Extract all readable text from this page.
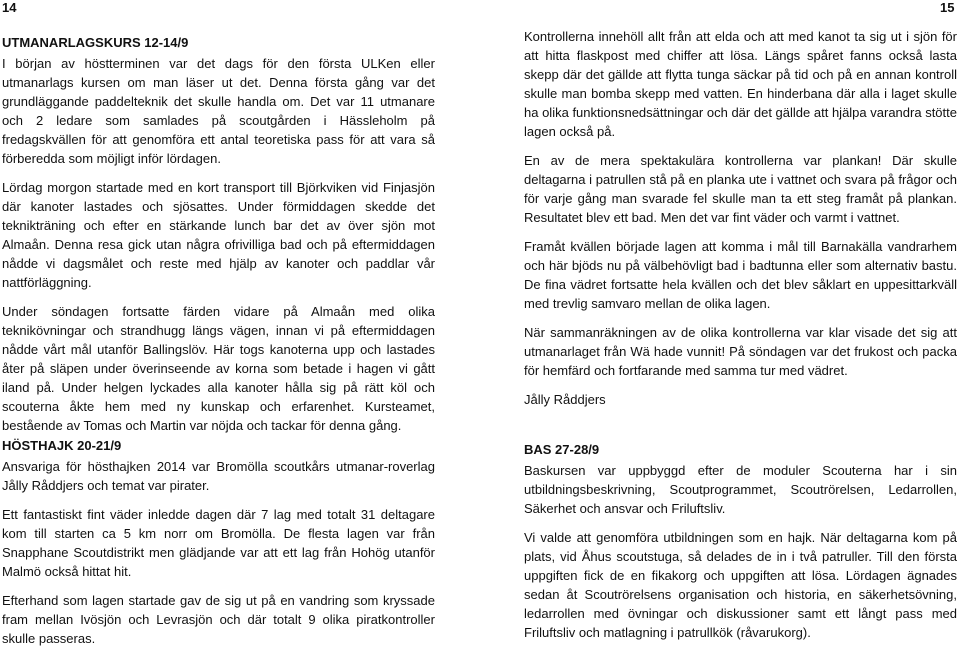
14	15
UTMANARLAGSKURS 12-14/9

I början av höstterminen var det dags för den första ULKen eller utmanarlags kursen om man läser ut det. Denna första gång var det grundläggande paddelteknik det skulle handla om. Det var 11 utmanare och 2 ledare som samlades på scoutgården i Hässleholm på fredagskvällen för att genomföra ett antal teoretiska pass för att vara så förberedda som möjligt inför lördagen.

Lördag morgon startade med en kort transport till Björkviken vid Finjasjön där kanoter lastades och sjösattes. Under förmiddagen skedde det teknikträning och efter en stärkande lunch bar det av över sjön mot Almaån. Denna resa gick utan några ofrivilliga bad och på eftermiddagen nådde vi dagsmålet och reste med hjälp av kanoter och paddlar vår nattförläggning.

Under söndagen fortsatte färden vidare på Almaån med olika teknikövningar och strandhugg längs vägen, innan vi på eftermiddagen nådde vårt mål utanför Ballingslöv. Här togs kanoterna upp och lastades åter på släpen under överinseende av korna som betade i hagen vi gått iland på. Under helgen lyckades alla kanoter hålla sig på rätt köl och scouterna åkte hem med ny kunskap och erfarenhet. Kursteamet, bestående av Tomas och Martin var nöjda och tackar för denna gång.

Kontrollerna innehöll allt från att elda och att med kanot ta sig ut i sjön för att hitta flaskpost med chiffer att lösa. Längs spåret fanns också lasta skepp där det gällde att flytta tunga säckar på tid och på en annan kontroll skulle man bomba skepp med vatten. En hinderbana där alla i laget skulle ha olika funktionsnedsättningar och där det gällde att hjälpa varandra stötte lagen också på.

En av de mera spektakulära kontrollerna var plankan! Där skulle deltagarna i patrullen stå på en planka ute i vattnet och svara på frågor och för varje gång man svarade fel skulle man ta ett steg framåt på plankan. Resultatet blev ett bad. Men det var fint väder och varmt i vattnet.

Framåt kvällen började lagen att komma i mål till Barnakälla vandrarhem och här bjöds nu på välbehövligt bad i badtunna eller som alternativ bastu. De fina vädret fortsatte hela kvällen och det blev såklart en uppesittarkväll med trevlig samvaro mellan de olika lagen.

När sammanräkningen av de olika kontrollerna var klar visade det sig att utmanarlaget från Wä hade vunnit! På söndagen var det frukost och packa för hemfärd och fortfarande med samma tur med vädret.

Jålly Råddjers

HÖSTHAJK 20-21/9

Ansvariga för hösthajken 2014 var Bromölla scoutkårs utmanar-roverlag Jålly Råddjers och temat var pirater.

Ett fantastiskt fint väder inledde dagen där 7 lag med totalt 31 deltagare kom till starten ca 5 km norr om Bromölla. De flesta lagen var från Snapphane Scoutdistrikt men glädjande var att ett lag från Hohög utanför Malmö också hittat hit.

Efterhand som lagen startade gav de sig ut på en vandring som kryssade fram mellan Ivösjön och Levrasjön och där totalt 9 olika piratkontroller skulle passeras.

BAS 27-28/9

Baskursen var uppbyggd efter de moduler Scouterna har i sin utbildningsbeskrivning, Scoutprogrammet, Scoutrörelsen, Ledarrollen, Säkerhet och ansvar och Friluftsliv.

Vi valde att genomföra utbildningen som en hajk. När deltagarna kom på plats, vid Åhus scoutstuga, så delades de in i två patruller. Till den första uppgiften fick de en fikakorg och uppgiften att lösa. Lördagen ägnades sedan åt Scoutrörelsens organisation och historia, en säkerhetsövning, ledarrollen med övningar och diskussioner samt ett långt pass med Friluftsliv och matlagning i patrullkök (råvarukorg).
